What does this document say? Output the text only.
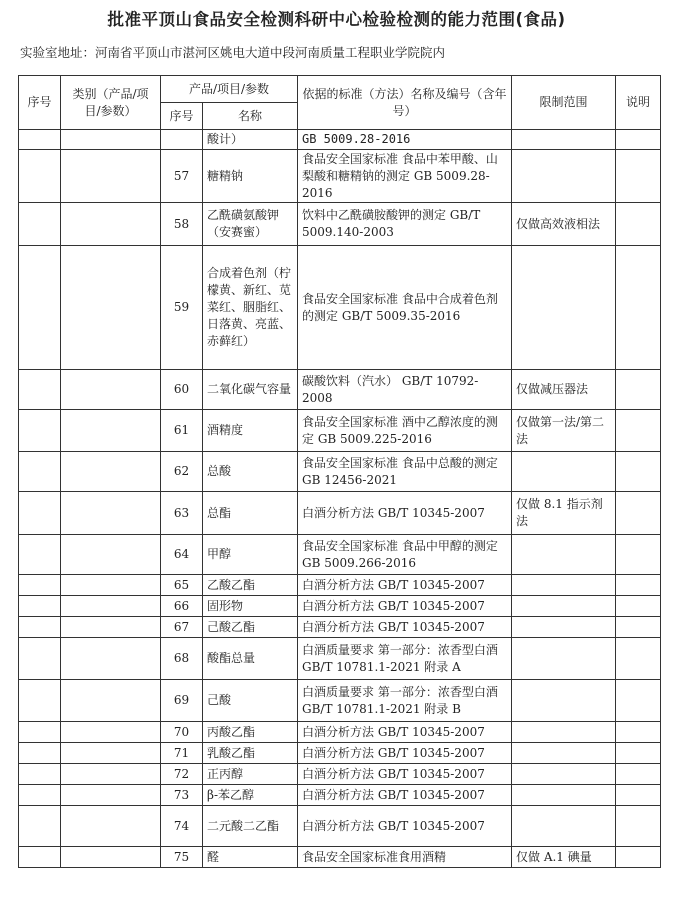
批准平顶山食品安全检测科研中心检验检测的能力范围(食品)
实验室地址：河南省平顶山市湛河区姚电大道中段河南质量工程职业学院院内
序号	类别（产品/项目/参数）	产品/项目/参数		依据的标准（方法）名称及编号（含年号）	限制范围	说明
		序号	名称			
			酸计）	GB 5009.28-2016		
		57	糖精钠	食品安全国家标准 食品中苯甲酸、山梨酸和糖精钠的测定 GB 5009.28-2016		
		58	乙酰磺氨酸钾（安赛蜜）	饮料中乙酰磺胺酸钾的测定 GB/T 5009.140-2003	仅做高效液相法	
		59	合成着色剂（柠檬黄、新红、苋菜红、胭脂红、日落黄、亮蓝、赤藓红）	食品安全国家标准 食品中合成着色剂的测定 GB/T 5009.35-2016		
		60	二氧化碳气容量	碳酸饮料（汽水） GB/T 10792-2008	仅做减压器法	
		61	酒精度	食品安全国家标准 酒中乙醇浓度的测定 GB 5009.225-2016	仅做第一法/第二法	
		62	总酸	食品安全国家标准 食品中总酸的测定 GB 12456-2021		
		63	总酯	白酒分析方法 GB/T 10345-2007	仅做 8.1 指示剂法	
		64	甲醇	食品安全国家标准 食品中甲醇的测定 GB 5009.266-2016		
		65	乙酸乙酯	白酒分析方法 GB/T 10345-2007		
		66	固形物	白酒分析方法 GB/T 10345-2007		
		67	己酸乙酯	白酒分析方法 GB/T 10345-2007		
		68	酸酯总量	白酒质量要求 第一部分：浓香型白酒 GB/T 10781.1-2021 附录 A		
		69	己酸	白酒质量要求 第一部分：浓香型白酒 GB/T 10781.1-2021 附录 B		
		70	丙酸乙酯	白酒分析方法 GB/T 10345-2007		
		71	乳酸乙酯	白酒分析方法 GB/T 10345-2007		
		72	正丙醇	白酒分析方法 GB/T 10345-2007		
		73	β-苯乙醇	白酒分析方法 GB/T 10345-2007		
		74	二元酸二乙酯	白酒分析方法 GB/T 10345-2007		
		75	醛	食品安全国家标准食用酒精	仅做 A.1 碘量	
